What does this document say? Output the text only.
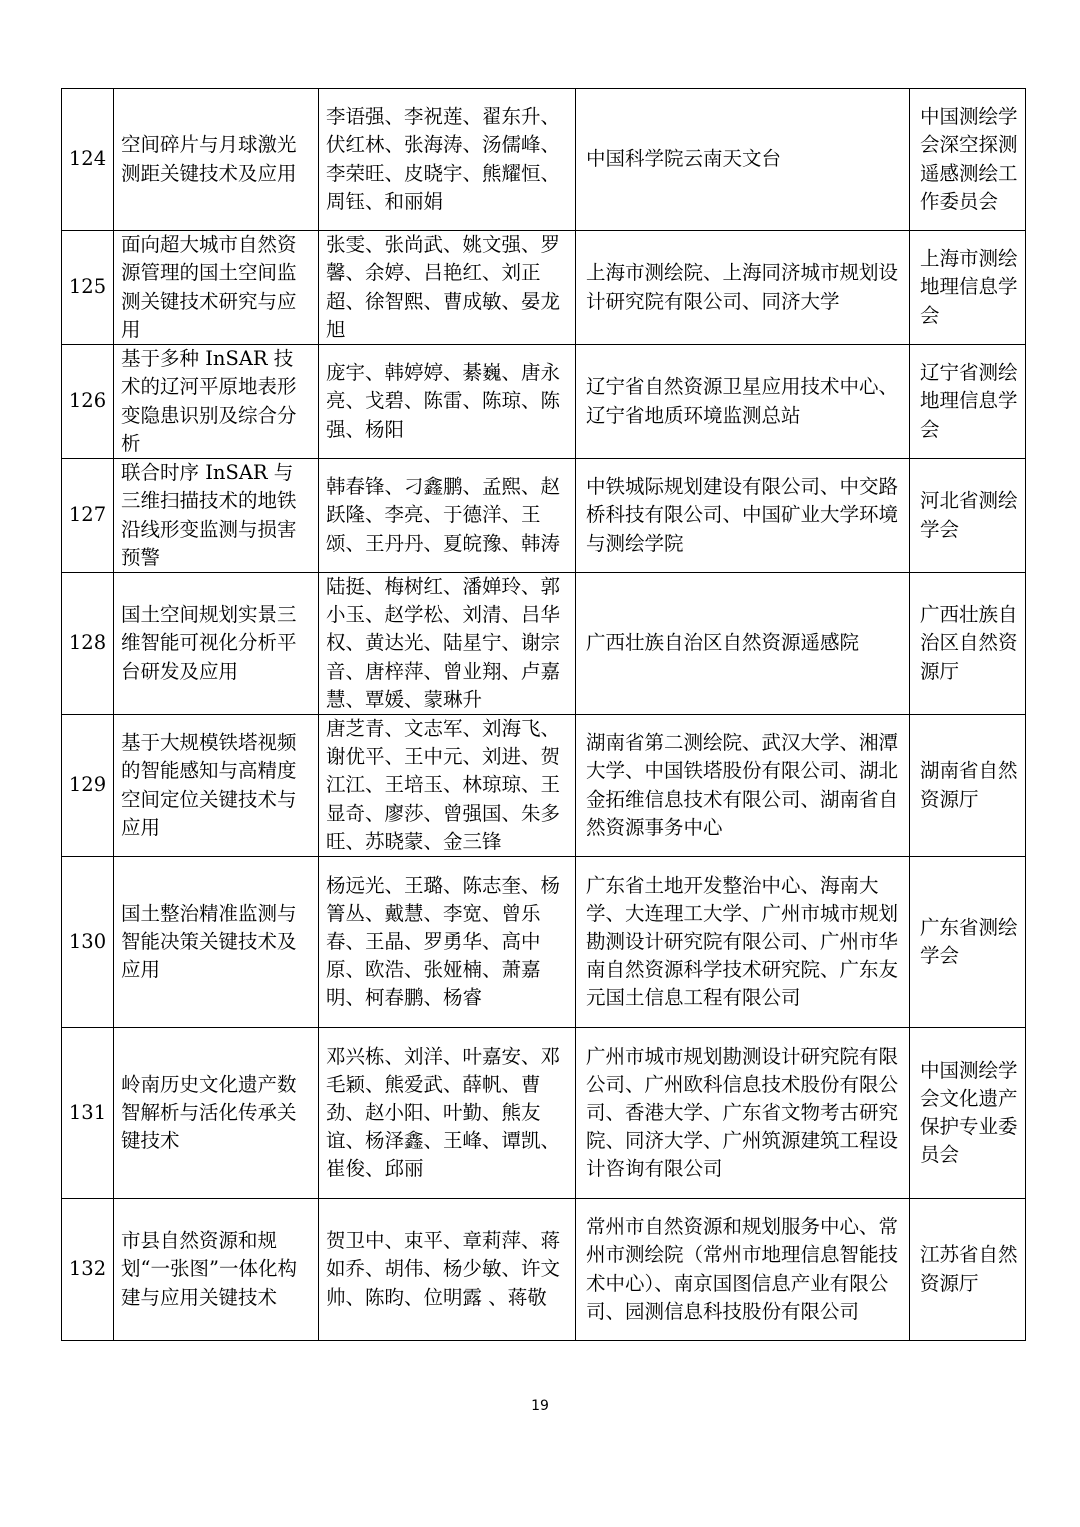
124	空间碎片与月球激光测距关键技术及应用	李语强、李祝莲、翟东升、伏红林、张海涛、汤儒峰、李荣旺、皮晓宇、熊耀恒、周钰、和丽娟	中国科学院云南天文台	中国测绘学会深空探测遥感测绘工作委员会
125	面向超大城市自然资源管理的国土空间监测关键技术研究与应用	张雯、张尚武、姚文强、罗馨、余婷、吕艳红、刘正超、徐智熙、曹成敏、晏龙旭	上海市测绘院、上海同济城市规划设计研究院有限公司、同济大学	上海市测绘地理信息学会
126	基于多种 InSAR 技术的辽河平原地表形变隐患识别及综合分析	庞宇、韩婷婷、綦巍、唐永亮、戈碧、陈雷、陈琼、陈强、杨阳	辽宁省自然资源卫星应用技术中心、辽宁省地质环境监测总站	辽宁省测绘地理信息学会
127	联合时序 InSAR 与三维扫描技术的地铁沿线形变监测与损害预警	韩春锋、刁鑫鹏、孟熙、赵跃隆、李亮、于德洋、王颂、王丹丹、夏皖豫、韩涛	中铁城际规划建设有限公司、中交路桥科技有限公司、中国矿业大学环境与测绘学院	河北省测绘学会
128	国土空间规划实景三维智能可视化分析平台研发及应用	陆挺、梅树红、潘婵玲、郭小玉、赵学松、刘清、吕华权、黄达光、陆星宁、谢宗音、唐梓萍、曾业翔、卢嘉慧、覃媛、蒙琳升	广西壮族自治区自然资源遥感院	广西壮族自治区自然资源厅
129	基于大规模铁塔视频的智能感知与高精度空间定位关键技术与应用	唐芝青、文志军、刘海飞、谢优平、王中元、刘进、贺江江、王培玉、林琼琼、王显奇、廖莎、曾强国、朱多旺、苏晓蒙、金三锋	湖南省第二测绘院、武汉大学、湘潭大学、中国铁塔股份有限公司、湖北金拓维信息技术有限公司、湖南省自然资源事务中心	湖南省自然资源厅
130	国土整治精准监测与智能决策关键技术及应用	杨远光、王璐、陈志奎、杨箐丛、戴慧、李宽、曾乐春、王晶、罗勇华、高中原、欧浩、张娅楠、萧嘉明、柯春鹏、杨睿	广东省土地开发整治中心、海南大学、大连理工大学、广州市城市规划勘测设计研究院有限公司、广州市华南自然资源科学技术研究院、广东友元国土信息工程有限公司	广东省测绘学会
131	岭南历史文化遗产数智解析与活化传承关键技术	邓兴栋、刘洋、叶嘉安、邓毛颖、熊爱武、薛帆、曹劲、赵小阳、叶勤、熊友谊、杨泽鑫、王峰、谭凯、崔俊、邱丽	广州市城市规划勘测设计研究院有限公司、广州欧科信息技术股份有限公司、香港大学、广东省文物考古研究院、同济大学、广州筑源建筑工程设计咨询有限公司	中国测绘学会文化遗产保护专业委员会
132	市县自然资源和规划“一张图”一体化构建与应用关键技术	贺卫中、束平、章莉萍、蒋如乔、胡伟、杨少敏、许文帅、陈昀、位明露 、蒋敬	常州市自然资源和规划服务中心、常州市测绘院（常州市地理信息智能技术中心）、南京国图信息产业有限公司、园测信息科技股份有限公司	江苏省自然资源厅
19
